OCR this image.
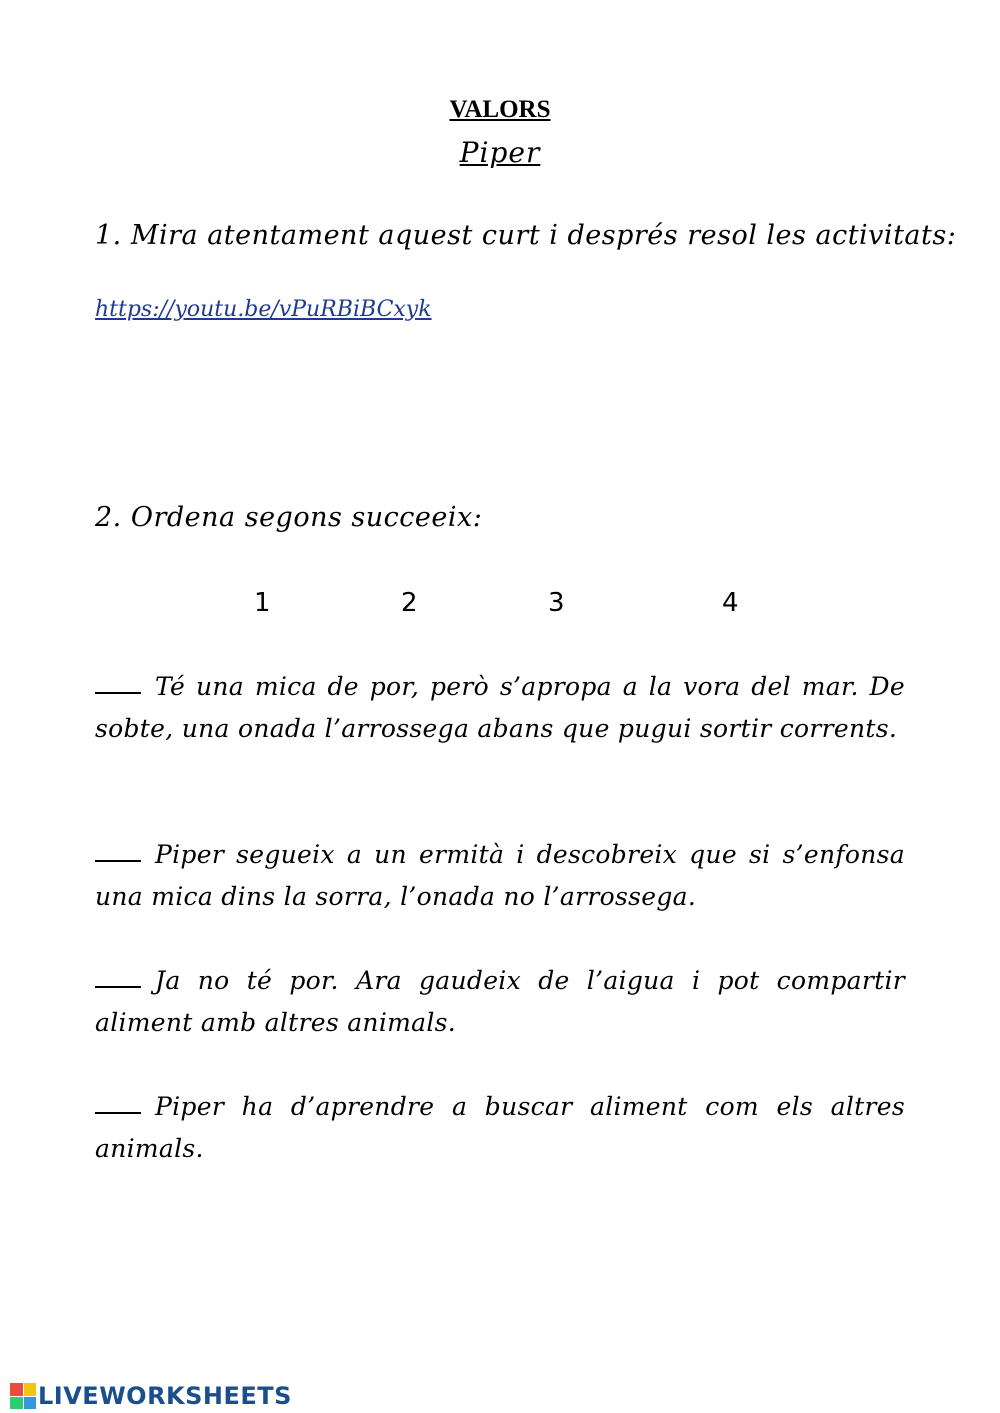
VALORS
Piper
1. Mira atentament aquest curt i després resol les activitats:
https://youtu.be/vPuRBiBCxyk
2. Ordena segons succeeix:
1	2	3	4
Té una mica de por, però s’apropa a la vora del mar. De sobte, una onada l’arrossega abans que pugui sortir corrents.
Piper segueix a un ermità i descobreix que si s’enfonsa una mica dins la sorra, l’onada no l’arrossega.
Ja no té por. Ara gaudeix de l’aigua i pot compartir aliment amb altres animals.
Piper ha d’aprendre a buscar aliment com els altres animals.
LIVEWORKSHEETS
